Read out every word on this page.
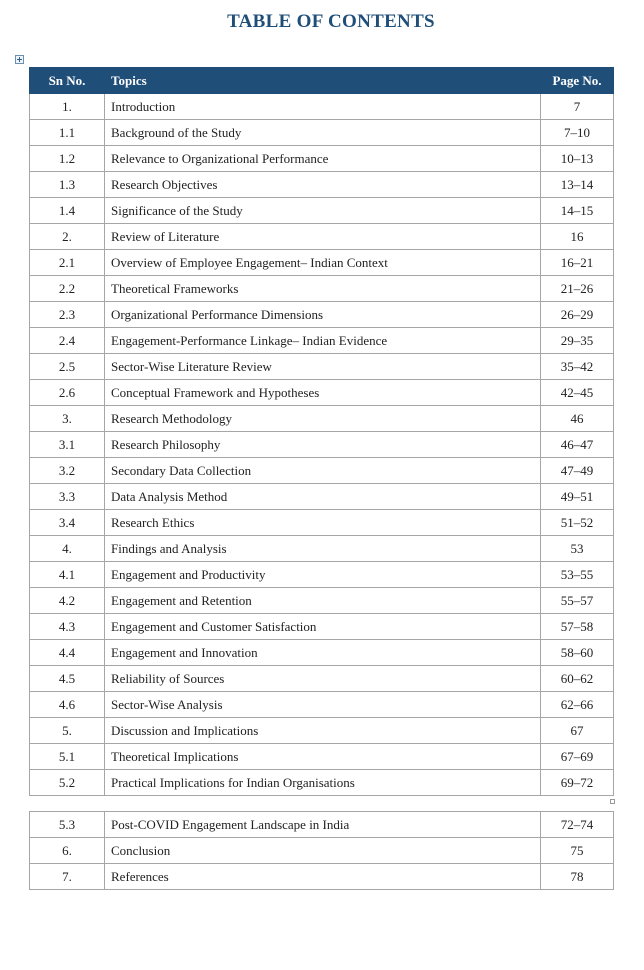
TABLE OF CONTENTS
Sn No.	Topics	Page No.
1.	Introduction	7
1.1	Background of the Study	7–10
1.2	Relevance to Organizational Performance	10–13
1.3	Research Objectives	13–14
1.4	Significance of the Study	14–15
2.	Review of Literature	16
2.1	Overview of Employee Engagement– Indian Context	16–21
2.2	Theoretical Frameworks	21–26
2.3	Organizational Performance Dimensions	26–29
2.4	Engagement-Performance Linkage– Indian Evidence	29–35
2.5	Sector-Wise Literature Review	35–42
2.6	Conceptual Framework and Hypotheses	42–45
3.	Research Methodology	46
3.1	Research Philosophy	46–47
3.2	Secondary Data Collection	47–49
3.3	Data Analysis Method	49–51
3.4	Research Ethics	51–52
4.	Findings and Analysis	53
4.1	Engagement and Productivity	53–55
4.2	Engagement and Retention	55–57
4.3	Engagement and Customer Satisfaction	57–58
4.4	Engagement and Innovation	58–60
4.5	Reliability of Sources	60–62
4.6	Sector-Wise Analysis	62–66
5.	Discussion and Implications	67
5.1	Theoretical Implications	67–69
5.2	Practical Implications for Indian Organisations	69–72
5.3	Post-COVID Engagement Landscape in India	72–74
6.	Conclusion	75
7.	References	78
